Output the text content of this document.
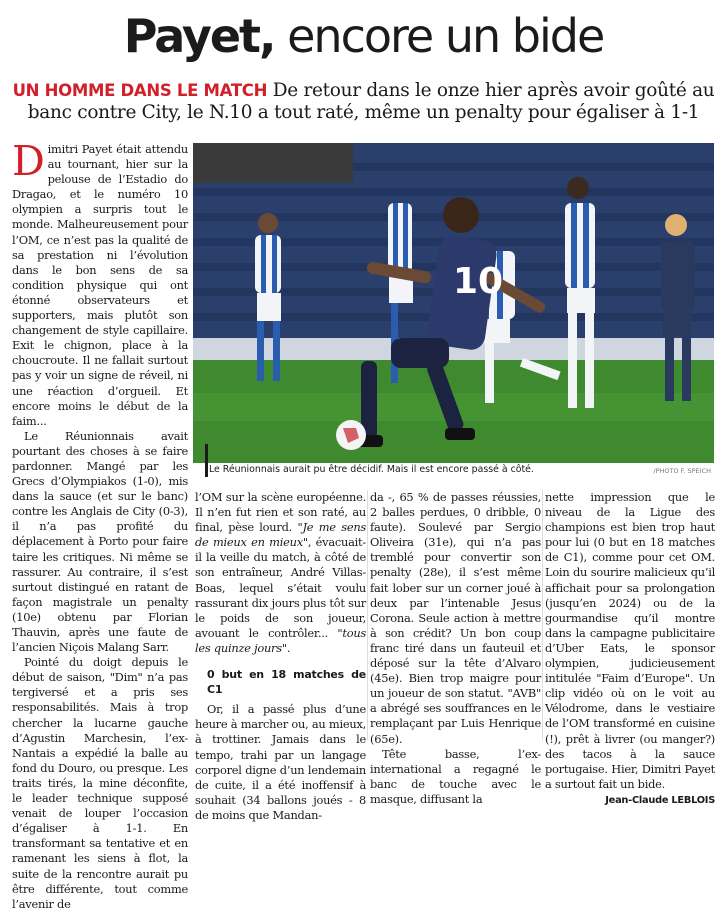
Payet, encore un bide
UN HOMME DANS LE MATCH De retour dans le onze hier après avoir goûté au banc contre City, le N.10 a tout raté, même un penalty pour égaliser à 1-1

Dimitri Payet était attendu au tournant, hier sur la pelouse de l’Estadio do Dragao, et le numéro 10 olympien a surpris tout le monde. Malheureusement pour l’OM, ce n’est pas la qualité de sa prestation ni l’évolution dans le bon sens de sa condition physique qui ont étonné observateurs et supporters, mais plutôt son changement de style capillaire. Exit le chignon, place à la choucroute. Il ne fallait surtout pas y voir un signe de réveil, ni une réaction d’orgueil. Et encore moins le début de la faim...

Le Réunionnais avait pourtant des choses à se faire pardonner. Mangé par les Grecs d’Olympiakos (1-0), mis dans la sauce (et sur le banc) contre les Anglais de City (0-3), il n’a pas profité du déplacement à Porto pour faire taire les critiques. Ni même se rassurer. Au contraire, il s’est surtout distingué en ratant de façon magistrale un penalty (10e) obtenu par Florian Thauvin, après une faute de l’ancien Niçois Malang Sarr.

Pointé du doigt depuis le début de saison, "Dim" n’a pas tergiversé et a pris ses responsabilités. Mais à trop chercher la lucarne gauche d’Agustin Marchesin, l’ex-Nantais a expédié la balle au fond du Douro, ou presque. Les traits tirés, la mine déconfite, le leader technique supposé venait de louper l’occasion d’égaliser à 1-1. En transformant sa tentative et en ramenant les siens à flot, la suite de la rencontre aurait pu être différente, tout comme l’avenir de

10
Le Réunionnais aurait pu être décidif. Mais il est encore passé à côté.	/PHOTO F. SPEICH

l’OM sur la scène européenne. Il n’en fut rien et son raté, au final, pèse lourd. "Je me sens de mieux en mieux", évacuait-il la veille du match, à côté de son entraîneur, André Villas-Boas, lequel s’était voulu rassurant dix jours plus tôt sur le poids de son joueur, avouant le contrôler... "tous les quinze jours".

0 but en 18 matches de C1

Or, il a passé plus d’une heure à marcher ou, au mieux, à trottiner. Jamais dans le tempo, trahi par un langage corporel digne d’un lendemain de cuite, il a été inoffensif à souhait (34 ballons joués - 8 de moins que Mandan-

da -, 65 % de passes réussies, 2 balles perdues, 0 dribble, 0 faute). Soulevé par Sergio Oliveira (31e), qui n’a pas tremblé pour convertir son penalty (28e), il s’est même fait lober sur un corner joué à deux par l’intenable Jesus Corona. Seule action à mettre à son crédit? Un bon coup franc tiré dans un fauteuil et déposé sur la tête d’Alvaro (45e). Bien trop maigre pour un joueur de son statut. "AVB" a abrégé ses souffrances en le remplaçant par Luis Henrique (65e).

Tête basse, l’ex-international a regagné le banc de touche avec le masque, diffusant la

nette impression que le niveau de la Ligue des champions est bien trop haut pour lui (0 but en 18 matches de C1), comme pour cet OM. Loin du sourire malicieux qu’il affichait pour sa prolongation (jusqu’en 2024) ou de la gourmandise qu’il montre dans la campagne publicitaire d’Uber Eats, le sponsor olympien, judicieusement intitulée "Faim d’Europe". Un clip vidéo où on le voit au Vélodrome, dans le vestiaire de l’OM transformé en cuisine (!), prêt à livrer (ou manger?) des tacos à la sauce portugaise. Hier, Dimitri Payet a surtout fait un bide.

Jean-Claude LEBLOIS
